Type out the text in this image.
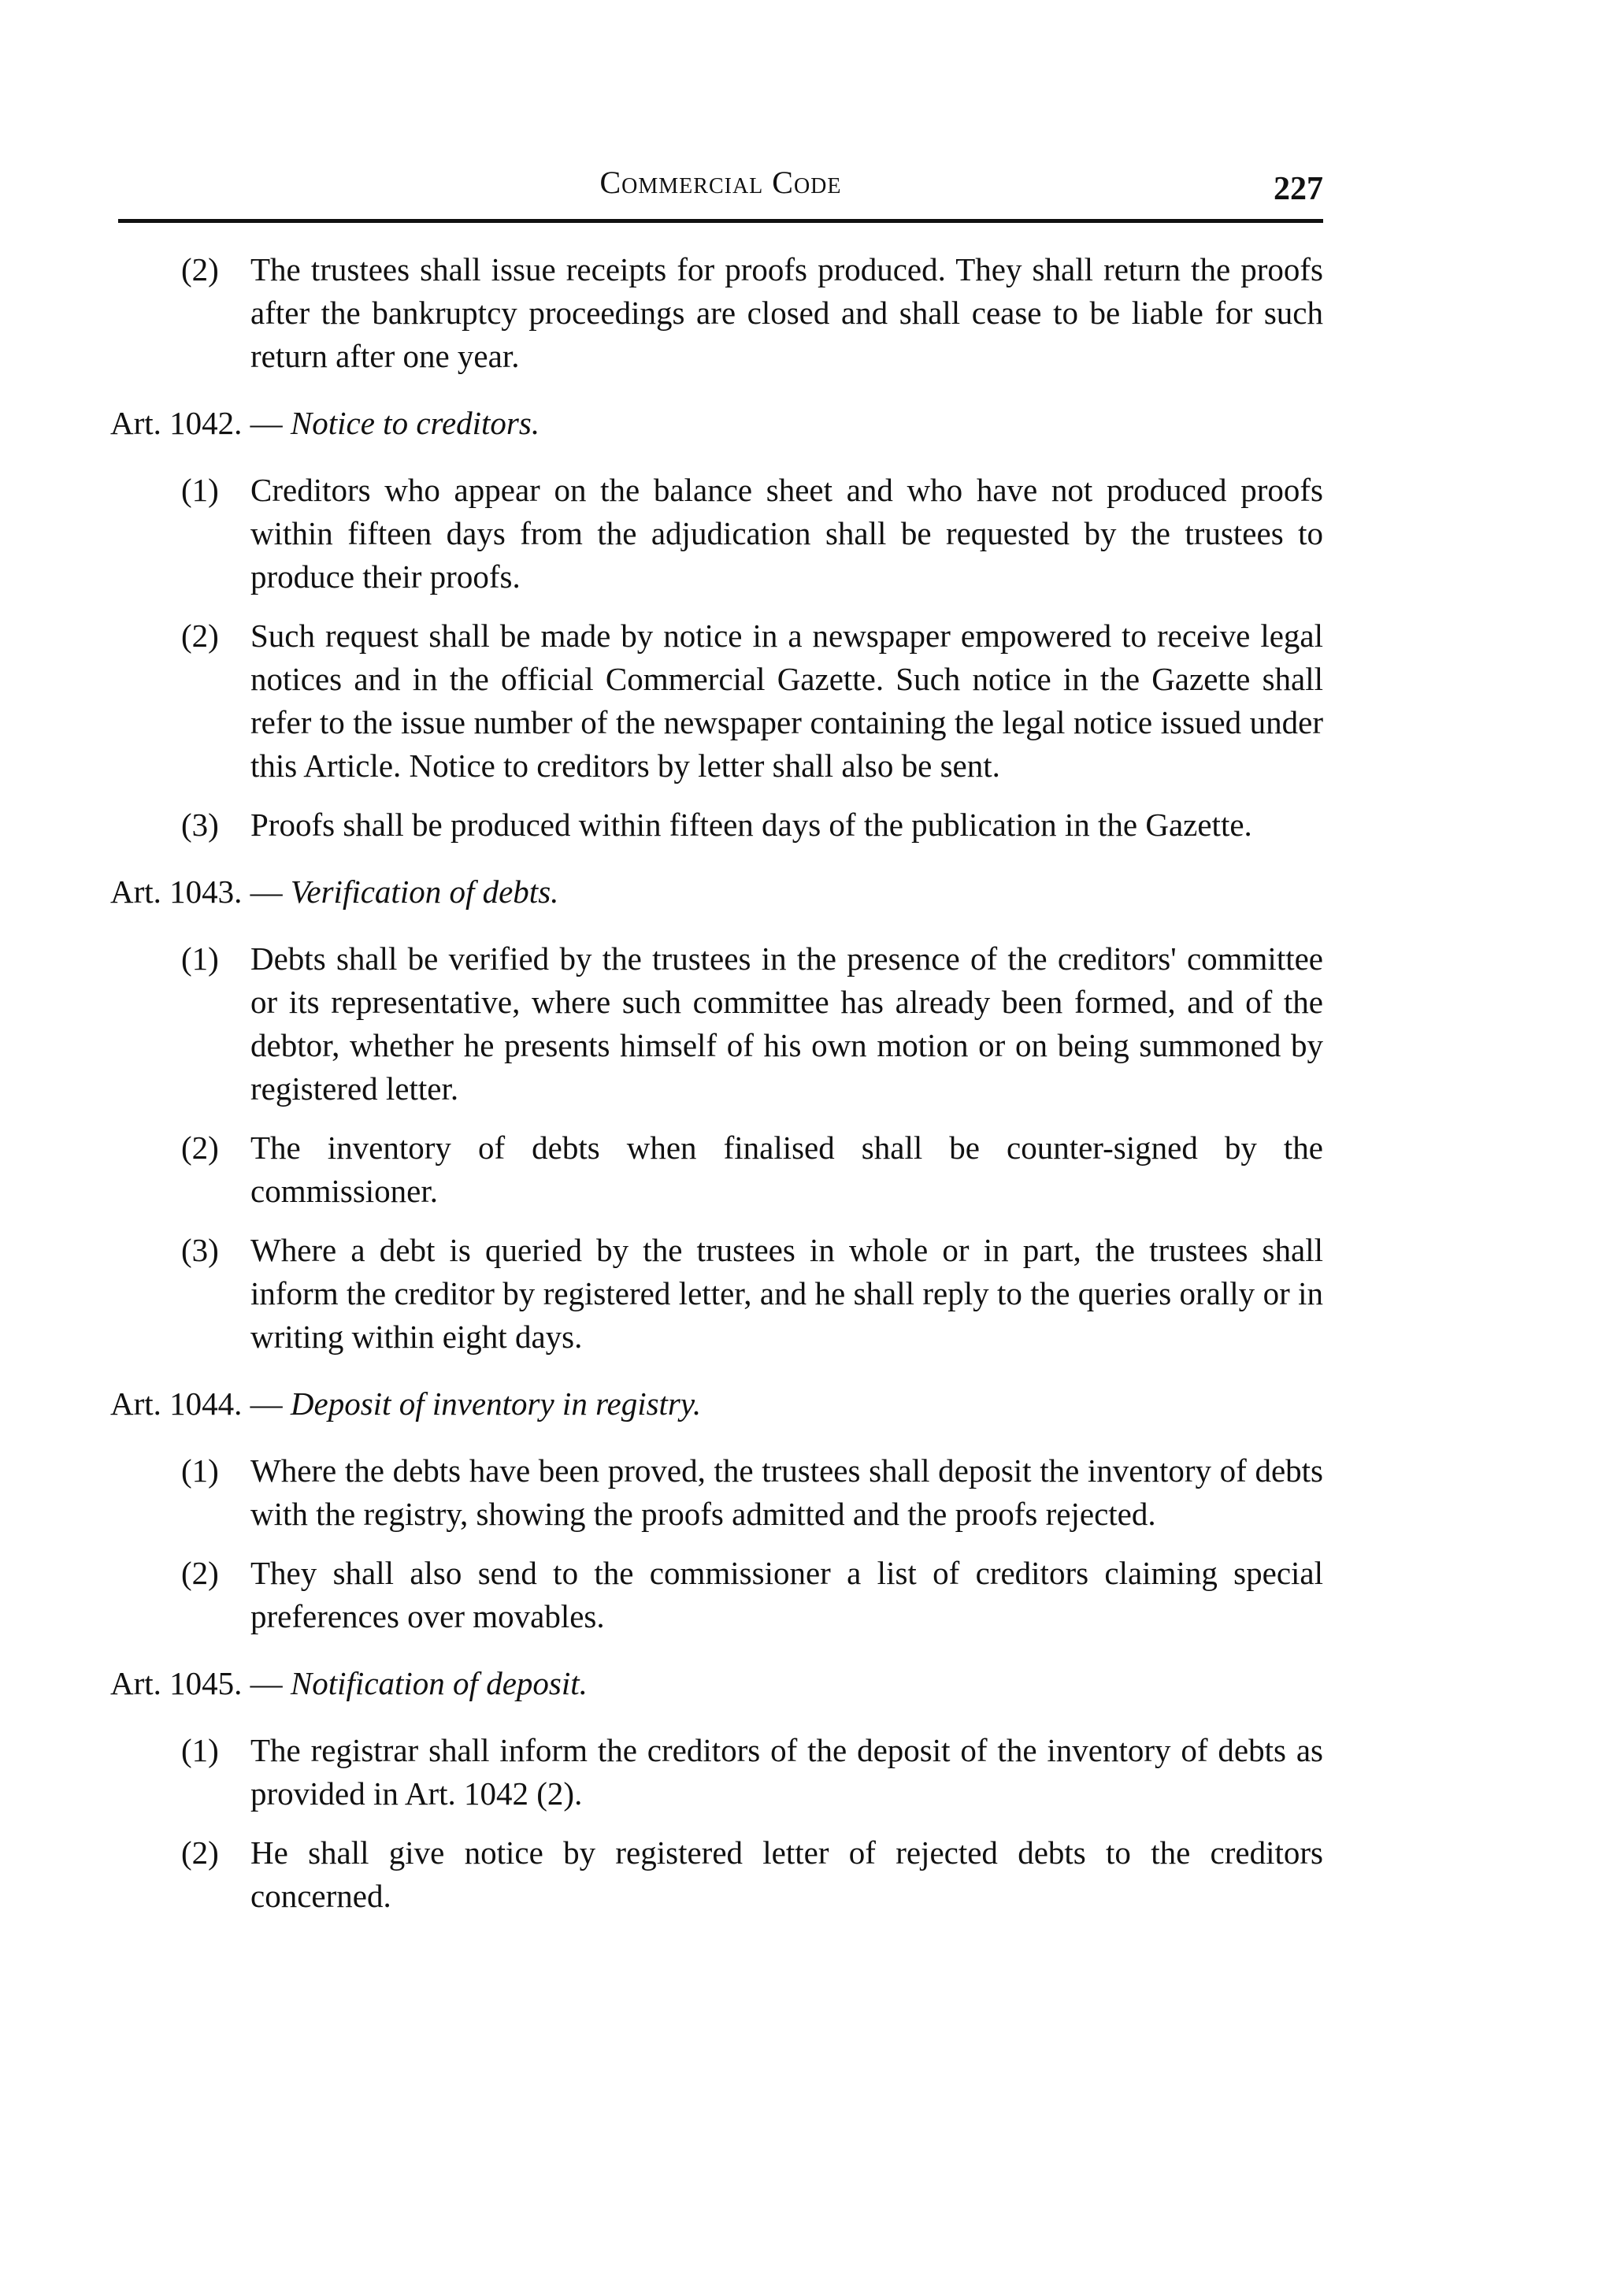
Commercial Code	227
(2) The trustees shall issue receipts for proofs produced. They shall return the proofs after the bankruptcy proceedings are closed and shall cease to be liable for such return after one year.
Art. 1042. — Notice to creditors.
(1) Creditors who appear on the balance sheet and who have not produced proofs within fifteen days from the adjudication shall be requested by the trustees to produce their proofs.
(2) Such request shall be made by notice in a newspaper empowered to receive legal notices and in the official Commercial Gazette. Such notice in the Gazette shall refer to the issue number of the newspaper containing the legal notice issued under this Article. Notice to creditors by letter shall also be sent.
(3) Proofs shall be produced within fifteen days of the publication in the Gazette.
Art. 1043. — Verification of debts.
(1) Debts shall be verified by the trustees in the presence of the creditors' committee or its representative, where such committee has already been formed, and of the debtor, whether he presents himself of his own motion or on being summoned by registered letter.
(2) The inventory of debts when finalised shall be counter-signed by the commissioner.
(3) Where a debt is queried by the trustees in whole or in part, the trustees shall inform the creditor by registered letter, and he shall reply to the queries orally or in writing within eight days.
Art. 1044. — Deposit of inventory in registry.
(1) Where the debts have been proved, the trustees shall deposit the inventory of debts with the registry, showing the proofs admitted and the proofs rejected.
(2) They shall also send to the commissioner a list of creditors claiming special preferences over movables.
Art. 1045. — Notification of deposit.
(1) The registrar shall inform the creditors of the deposit of the inventory of debts as provided in Art. 1042 (2).
(2) He shall give notice by registered letter of rejected debts to the creditors concerned.
